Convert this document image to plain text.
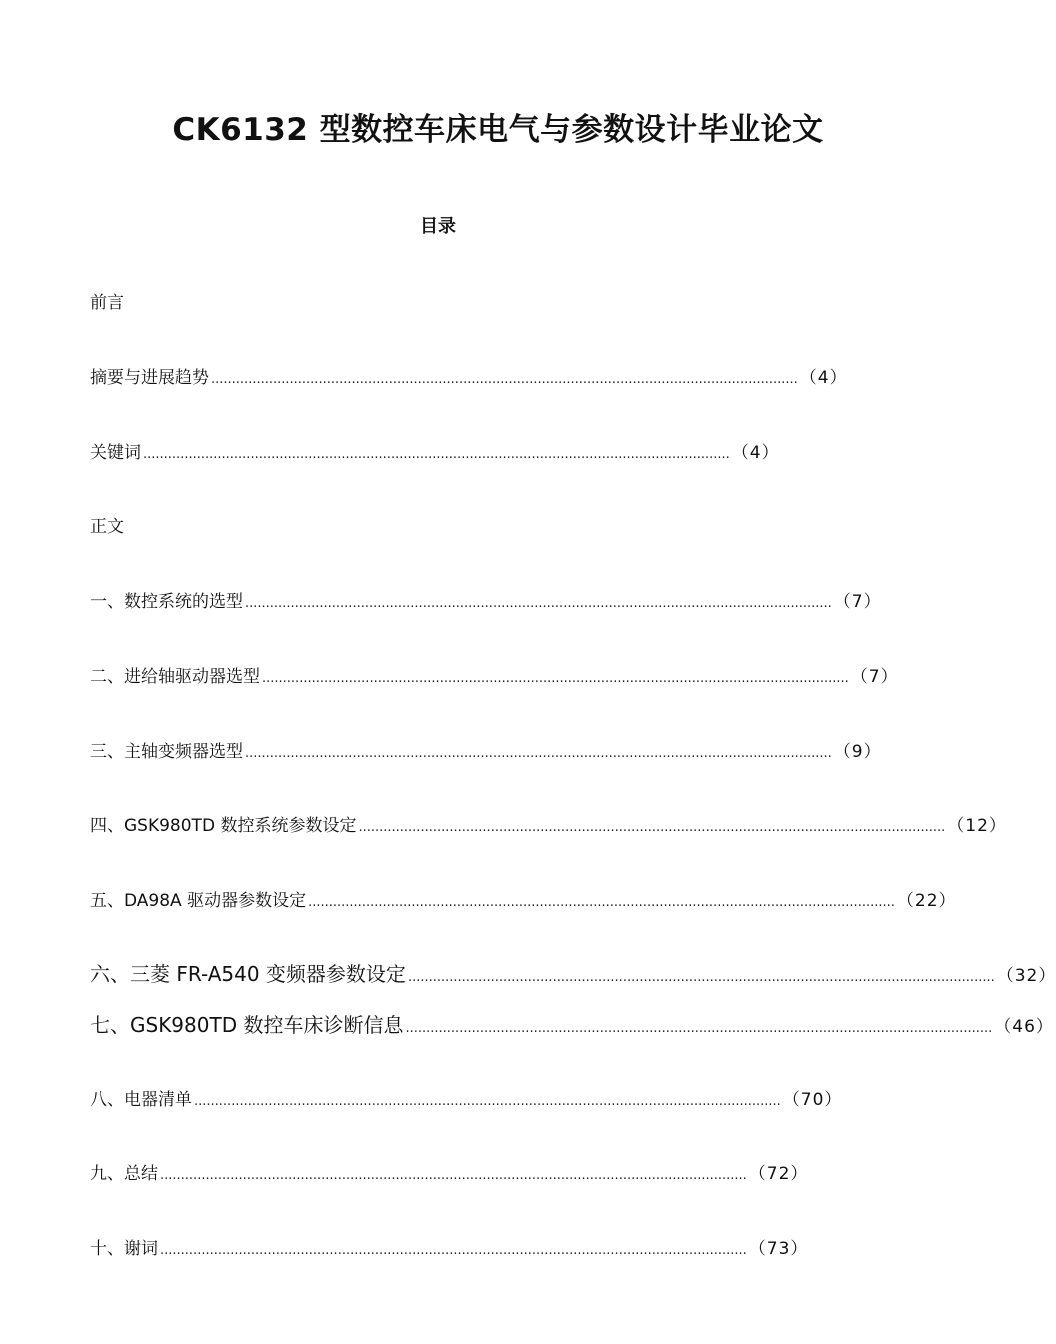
CK6132 型数控车床电气与参数设计毕业论文
目录
前言
摘要与进展趋势 .............................................................................................................................................. （4）
关键词 .............................................................................................................................................. （4）
正文
一、数控系统的选型 .............................................................................................................................................. （7）
二、进给轴驱动器选型 .............................................................................................................................................. （7）
三、主轴变频器选型 .............................................................................................................................................. （9）
四、GSK980TD 数控系统参数设定 .............................................................................................................................................. （12）
五、DA98A 驱动器参数设定 .............................................................................................................................................. （22）
六、三菱 FR-A540 变频器参数设定 .............................................................................................................................................. （32）
七、GSK980TD 数控车床诊断信息 .............................................................................................................................................. （46）
八、电器清单 .............................................................................................................................................. （70）
九、总结 .............................................................................................................................................. （72）
十、谢词 .............................................................................................................................................. （73）
